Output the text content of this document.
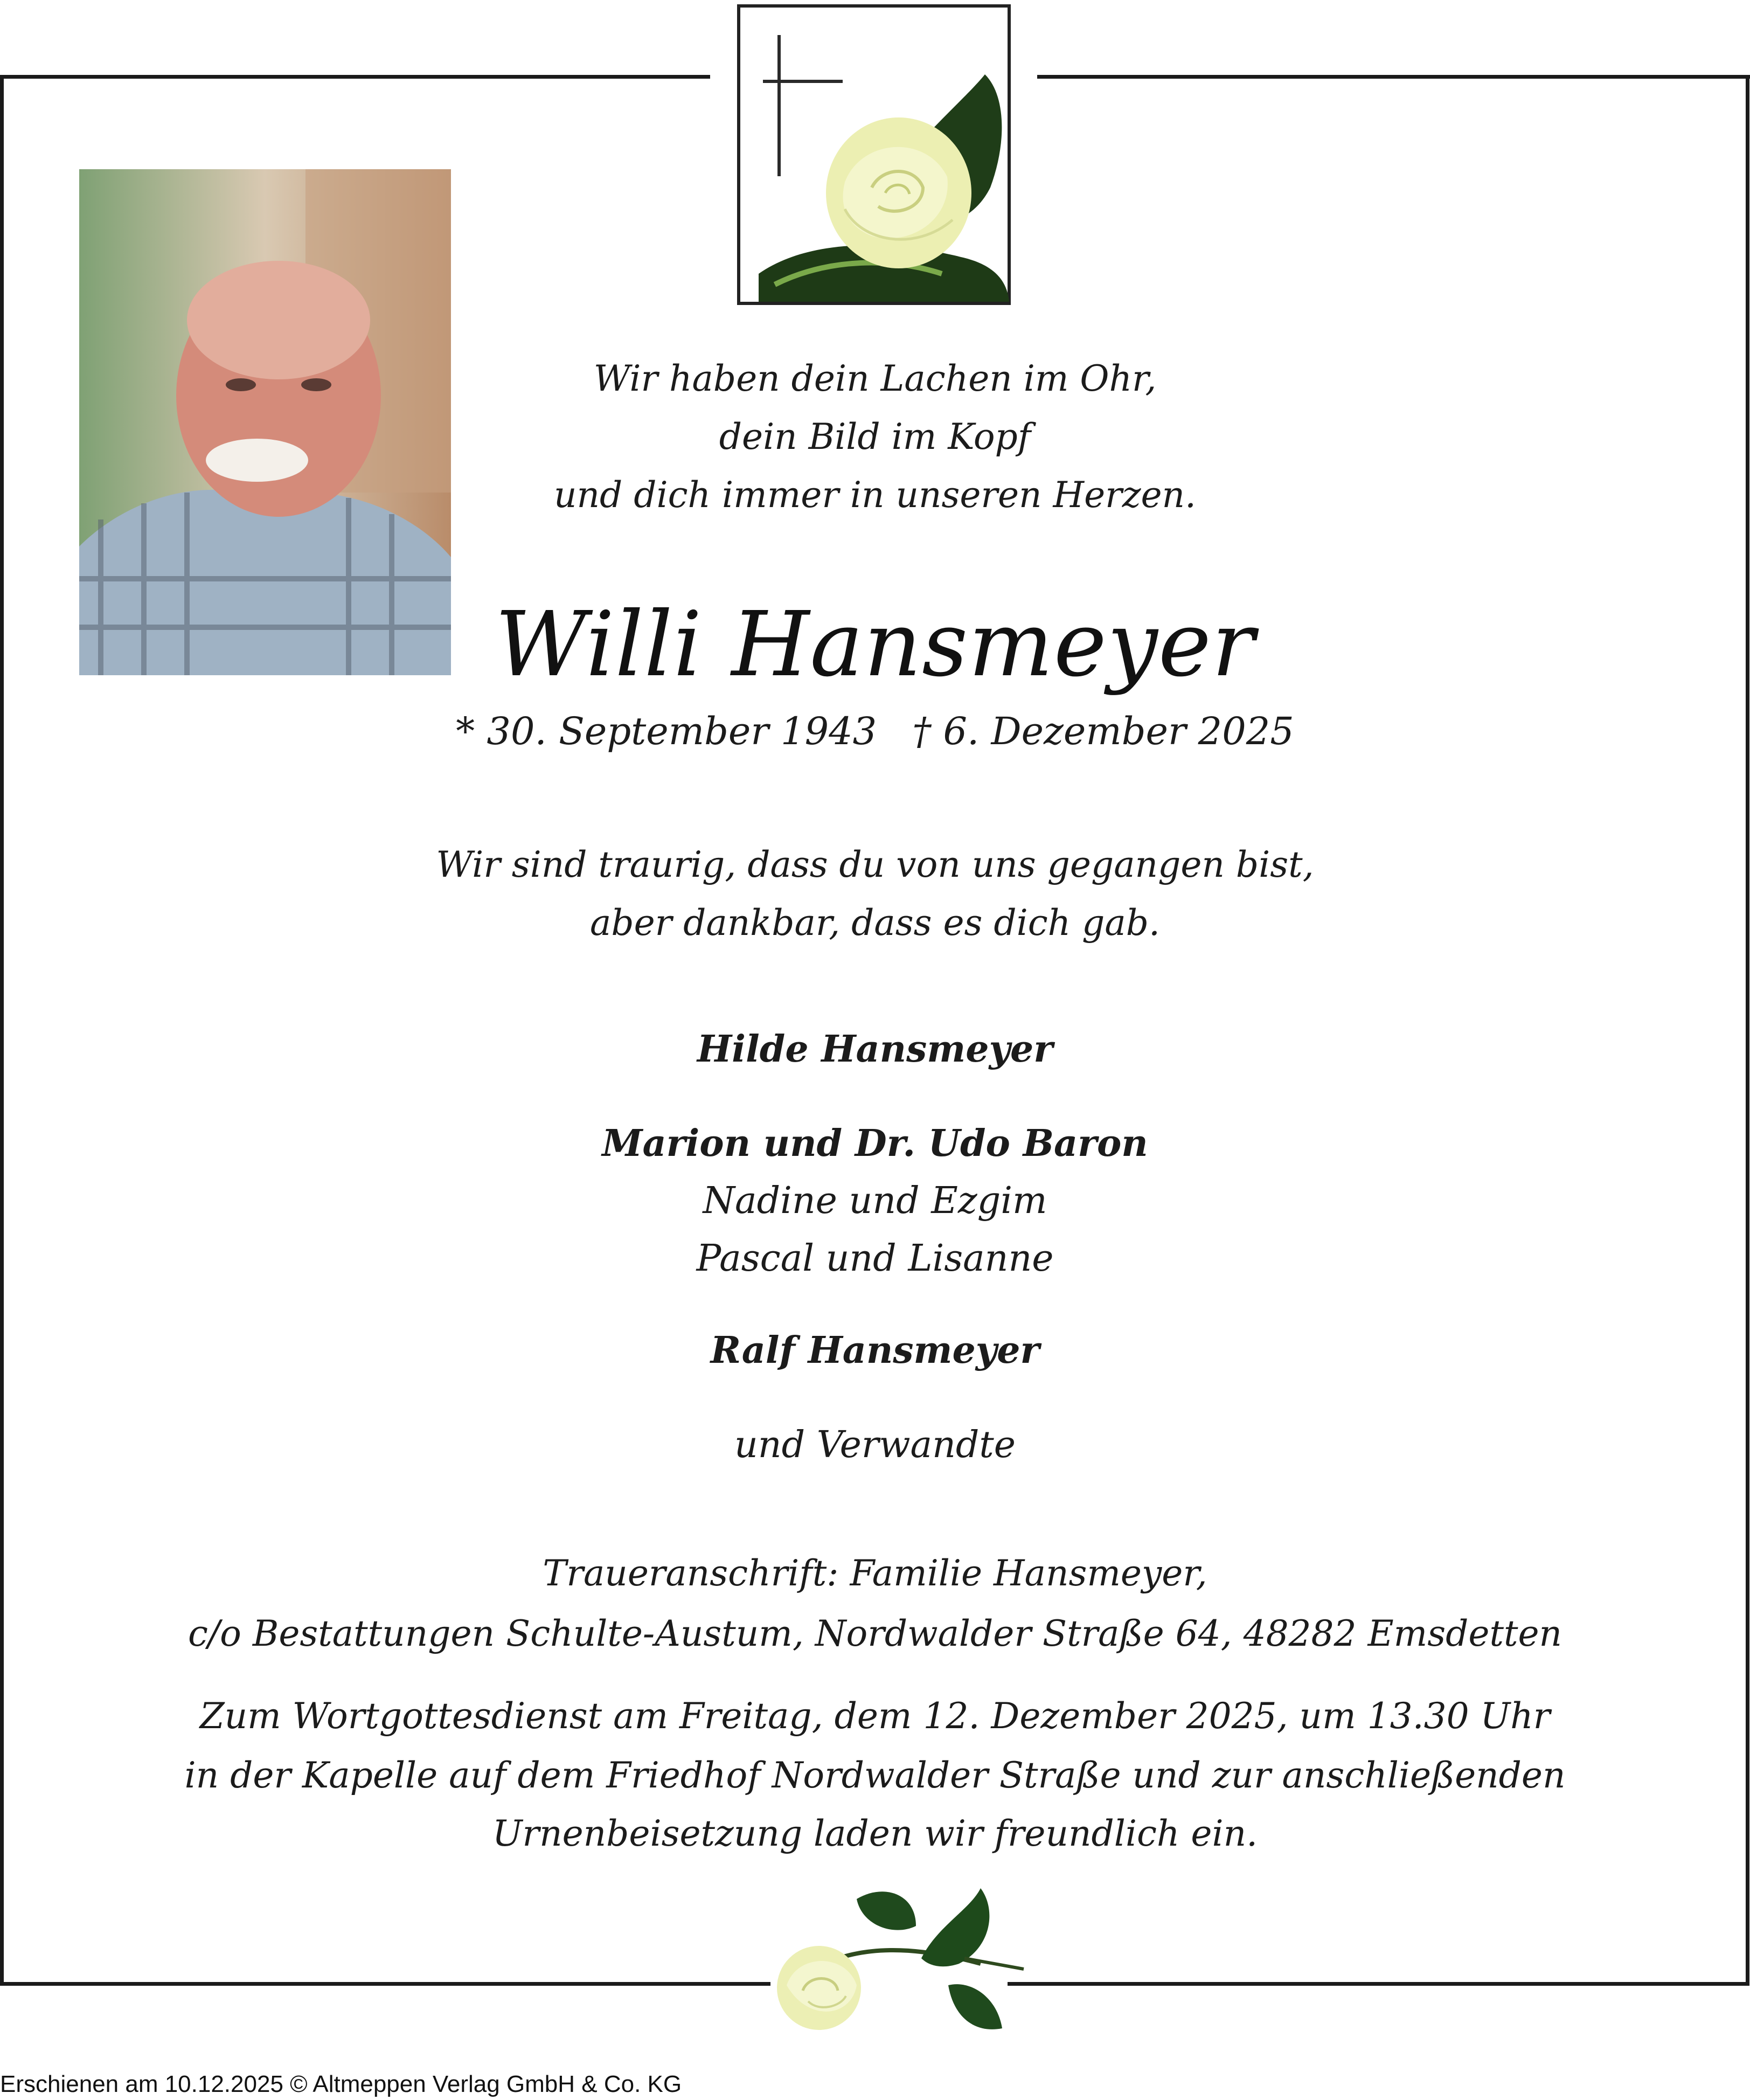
Wir haben dein Lachen im Ohr,

dein Bild im Kopf

und dich immer in unseren Herzen.

Willi Hansmeyer

* 30. September 1943 † 6. Dezember 2025

Wir sind traurig, dass du von uns gegangen bist,

aber dankbar, dass es dich gab.

Hilde Hansmeyer

Marion und Dr. Udo Baron

Nadine und Ezgim

Pascal und Lisanne

Ralf Hansmeyer

und Verwandte

Traueranschrift: Familie Hansmeyer,

c/o Bestattungen Schulte-Austum, Nordwalder Straße 64, 48282 Emsdetten

Zum Wortgottesdienst am Freitag, dem 12. Dezember 2025, um 13.30 Uhr

in der Kapelle auf dem Friedhof Nordwalder Straße und zur anschließenden

Urnenbeisetzung laden wir freundlich ein.

Erschienen am 10.12.2025 © Altmeppen Verlag GmbH & Co. KG
